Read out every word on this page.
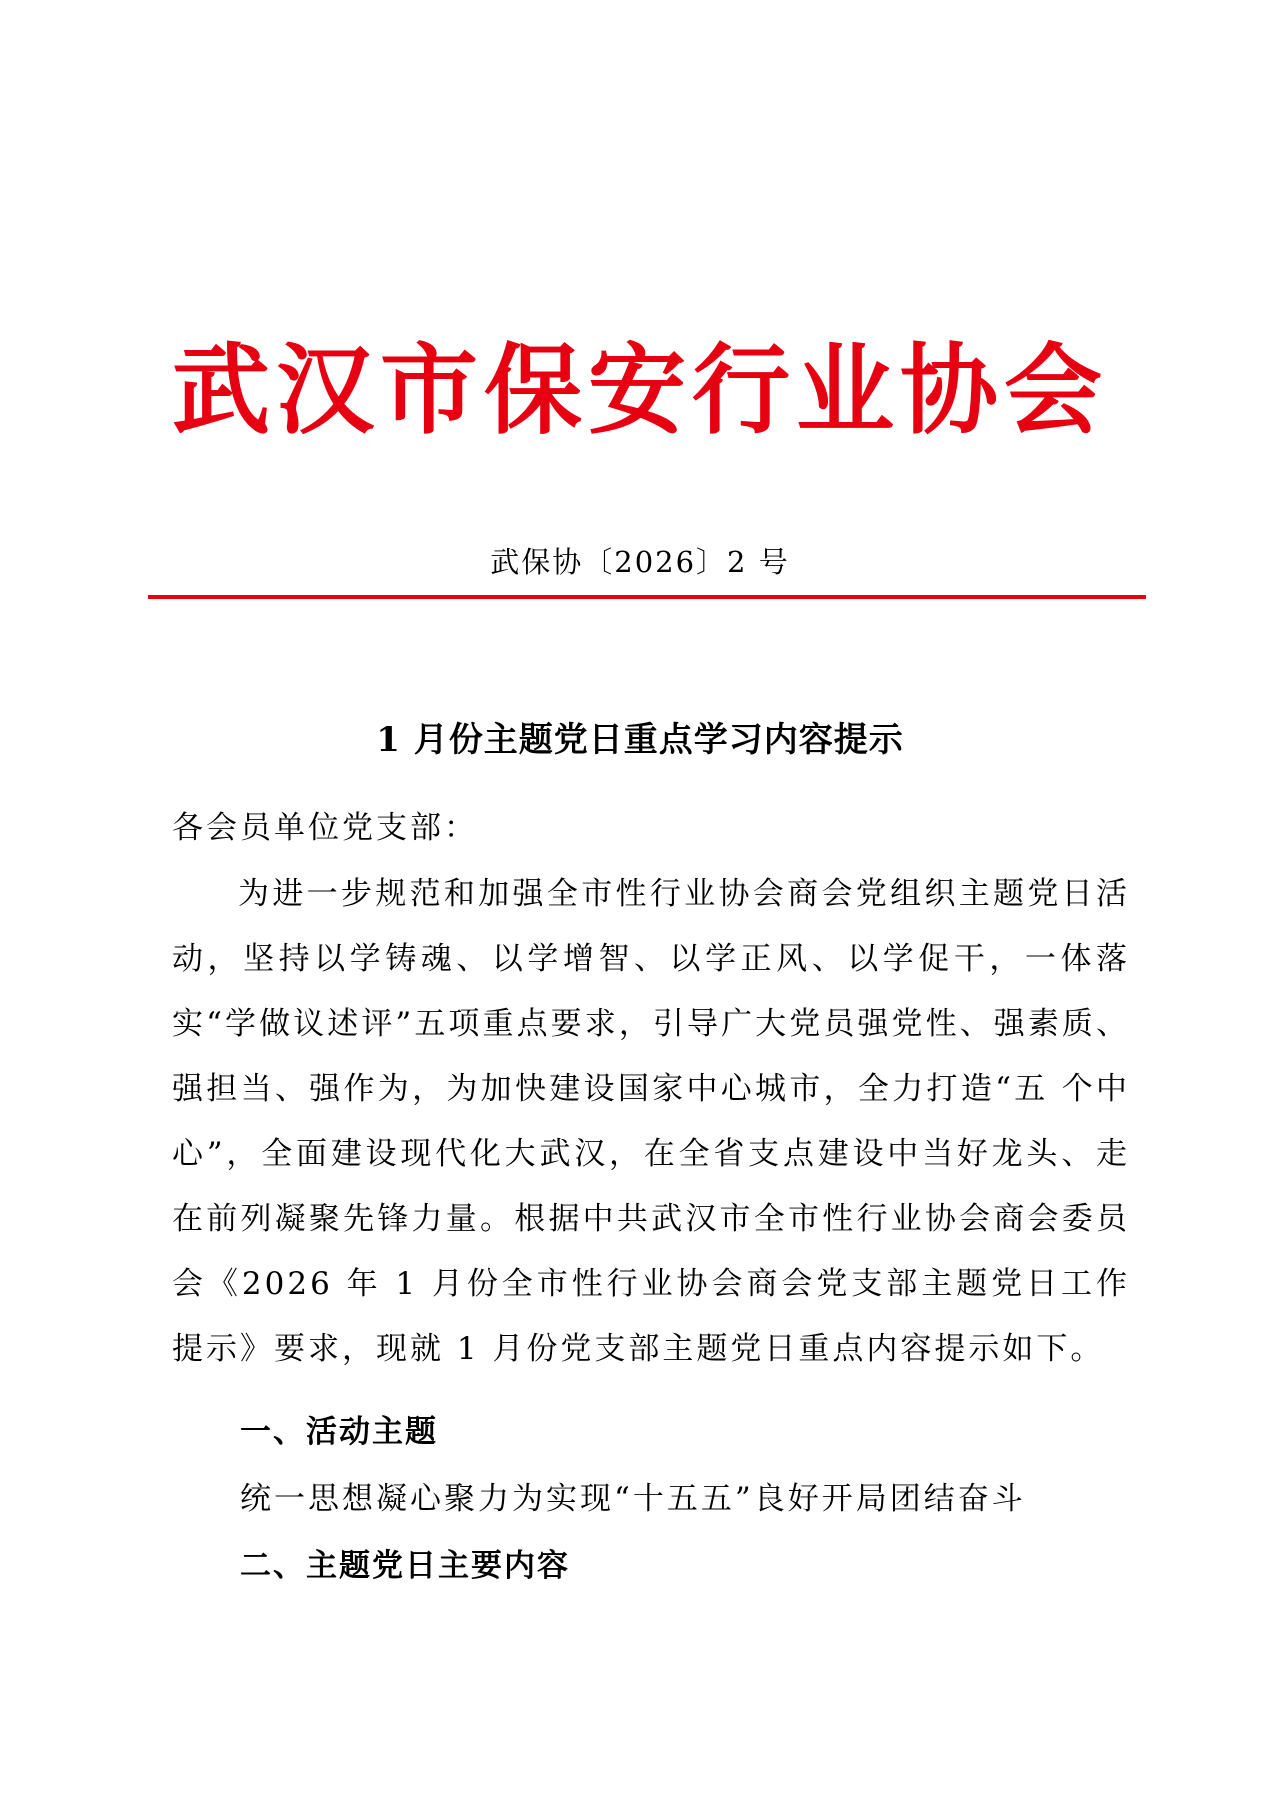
武汉市保安行业协会
武保协〔2026〕2 号
1 月份主题党日重点学习内容提示
各会员单位党支部：
为进一步规范和加强全市性行业协会商会党组织主题党日活动，坚持以学铸魂、以学增智、以学正风、以学促干，一体落实“学做议述评”五项重点要求，引导广大党员强党性、强素质、强担当、强作为，为加快建设国家中心城市，全力打造“五 个中心”，全面建设现代化大武汉，在全省支点建设中当好龙头、走在前列凝聚先锋力量。根据中共武汉市全市性行业协会商会委员会《2026 年 1 月份全市性行业协会商会党支部主题党日工作提示》要求，现就 1 月份党支部主题党日重点内容提示如下。
一、活动主题
统一思想凝心聚力为实现“十五五”良好开局团结奋斗
二、主题党日主要内容
